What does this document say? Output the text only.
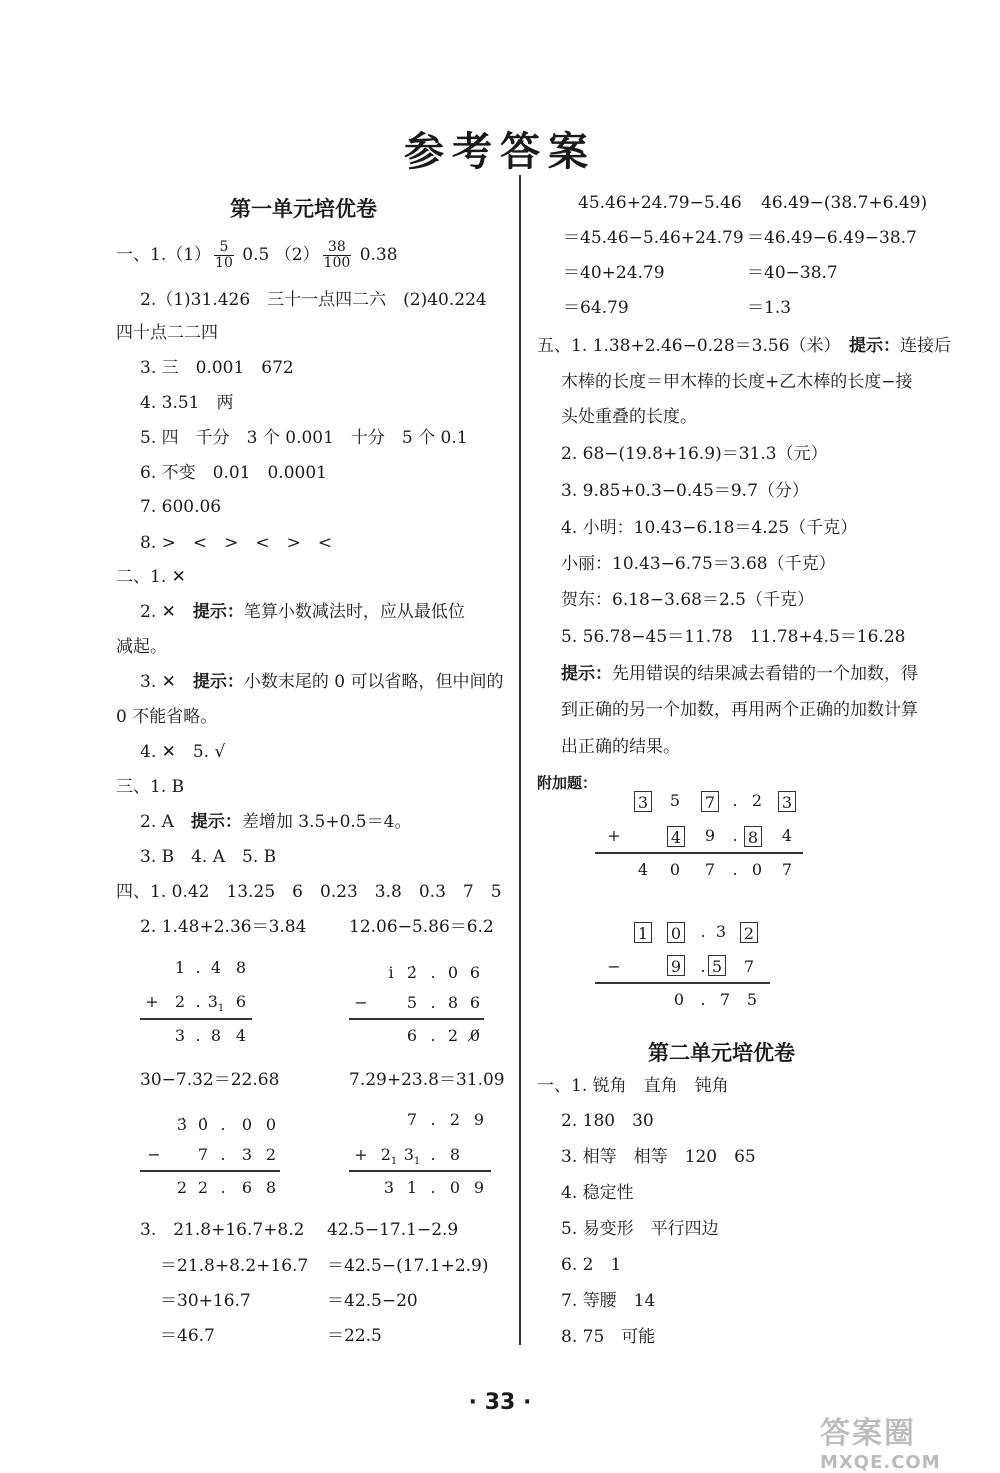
参考答案
第一单元培优卷
一、$1.(1) \frac{5}{10} 0.5$ $(2) \frac{38}{100} 0.38$
2.（1)31.426　三十一点四二六　(2)40.224
四十点二二四
3. 三　0.001　672
4. 3.51　两
5. 四　千分　3 个 0.001　十分　5 个 0.1
6. 不变　0.01　0.0001
7. 600.06
8. >　<　>　<　>　<
二、1. ✕
2. ✕　提示：笔算小数减法时，应从最低位
减起。
3. ✕　提示：小数末尾的 0 可以省略，但中间的
0 不能省略。
4. ✕　5. √
三、1. B
2. A　提示：差增加 3.5+0.5＝4。
3. B　4. A　5. B
四、1. 0.42　13.25　6　0.23　3.8　0.3　7　5
2. 1.48+2.36＝3.84	12.06−5.86＝6.2
1 . 4 8
+ 2 . $3_1$ 6
3 . 8 4
i 2̇ . 0 6
− 5 . 8 6
6 . 2 0̸
30−7.32＝22.68	7.29+23.8＝31.09
3̇ 0̇ .	0 0
− 7 .	3 2
2 2 .	6 8
7 . 2 9
+ $2_1$ $3_1$ . 8
3 1 . 0 9
3.　21.8+16.7+8.2
＝21.8+8.2+16.7
＝30+16.7
＝46.7
42.5−17.1−2.9
＝42.5−(17.1+2.9)
＝42.5−20
＝22.5
45.46+24.79−5.46
＝45.46−5.46+24.79
＝40+24.79
＝64.79
46.49−(38.7+6.49)
＝46.49−6.49−38.7
＝40−38.7
＝1.3
五、1. 1.38+2.46−0.28＝3.56（米）　提示：连接后
木棒的长度＝甲木棒的长度+乙木棒的长度−接
头处重叠的长度。
2. 68−(19.8+16.9)＝31.3（元）
3. 9.85+0.3−0.45＝9.7（分）
4. 小明：10.43−6.18＝4.25（千克）
小丽：10.43−6.75＝3.68（千克）
贺东：6.18−3.68＝2.5（千克）
5. 56.78−45＝11.78　11.78+4.5＝16.28
提示：先用错误的结果减去看错的一个加数，得
到正确的另一个加数，再用两个正确的加数计算
出正确的结果。
附加题：
3 5 7	. 2 3
+	4 9	. 8 4
4 0 7	. 0 7
1 0	. 3 2
−	9	. 5 7
0	. 7 5
第二单元培优卷
一、1. 锐角　直角　钝角
2. 180　30
3. 相等　相等　120　65
4. 稳定性
5. 易变形　平行四边
6. 2　1
7. 等腰　14
8. 75　可能
· 33 ·
答案圈
MXQE.COM
